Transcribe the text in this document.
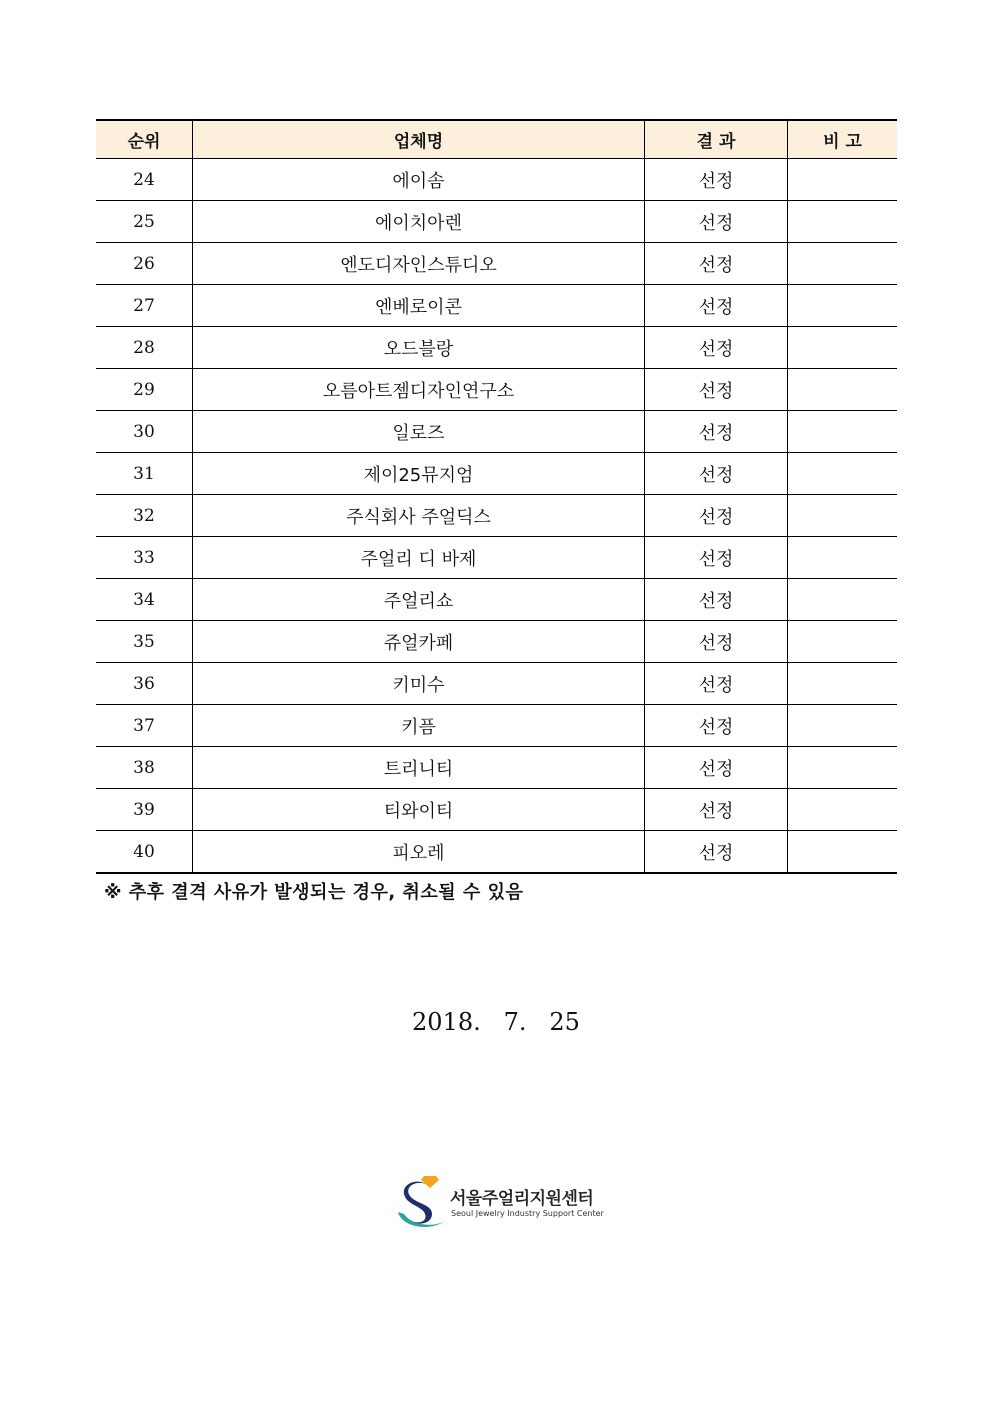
순위	업체명	결 과	비 고
24	에이솜	선정	
25	에이치아렌	선정	
26	엔도디자인스튜디오	선정	
27	엔베로이콘	선정	
28	오드블랑	선정	
29	오름아트젬디자인연구소	선정	
30	일로즈	선정	
31	제이25뮤지엄	선정	
32	주식회사 주얼딕스	선정	
33	주얼리 디 바제	선정	
34	주얼리쇼	선정	
35	쥬얼카페	선정	
36	키미수	선정	
37	키픔	선정	
38	트리니티	선정	
39	티와이티	선정	
40	피오레	선정	
※ 추후 결격 사유가 발생되는 경우, 취소될 수 있음
2018.   7.   25
서울주얼리지원센터
Seoul Jewelry Industry Support Center
